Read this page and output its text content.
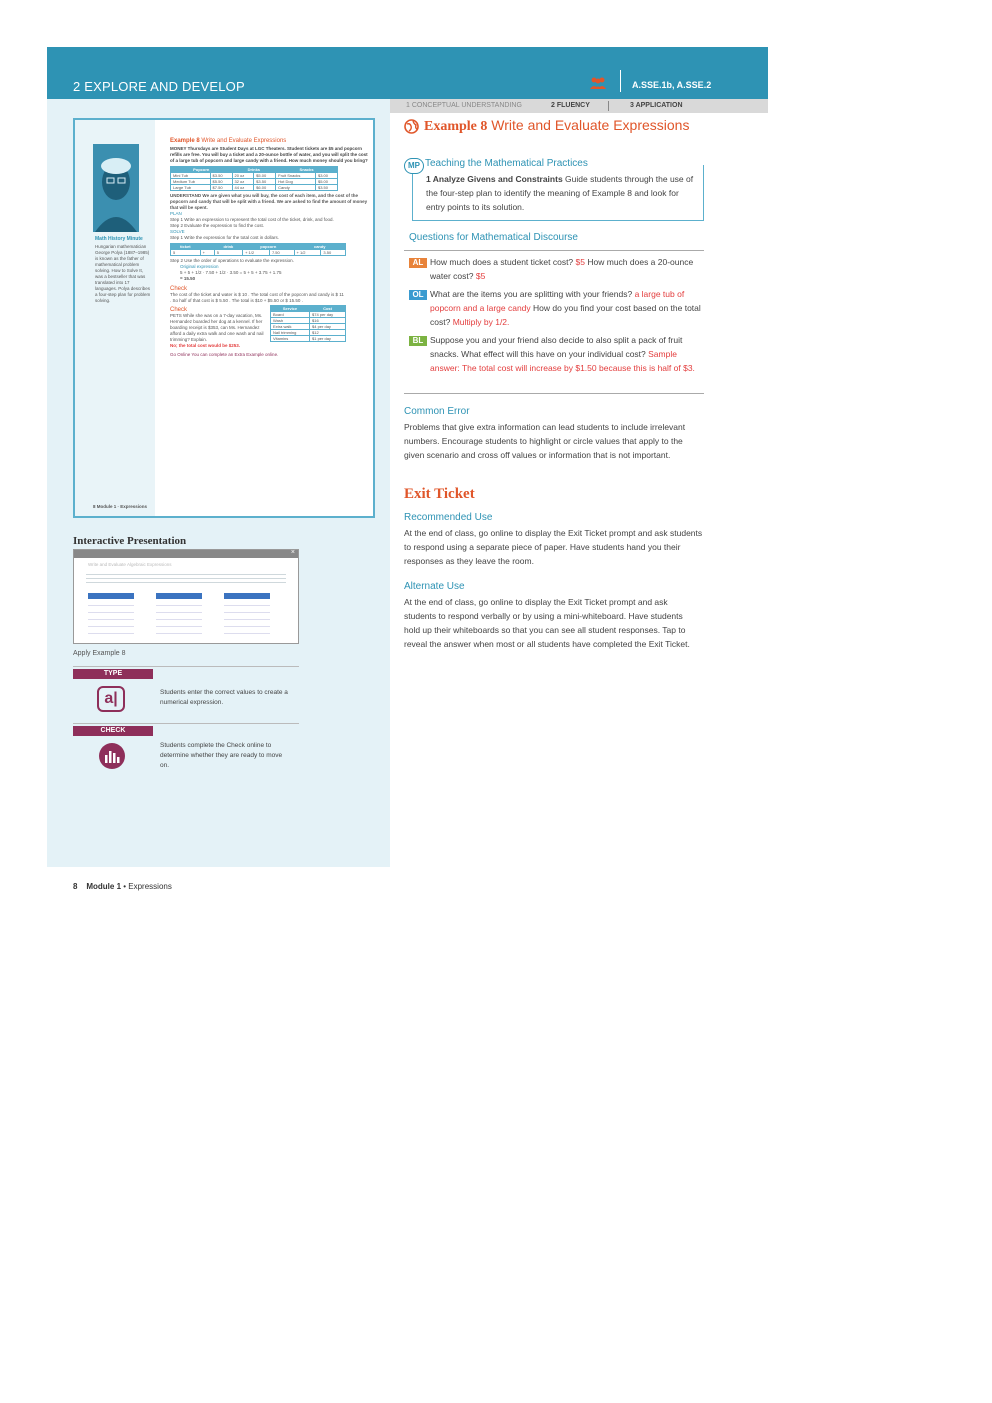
2 EXPLORE AND DEVELOP	A.SSE.1b, A.SSE.2
1 CONCEPTUAL UNDERSTANDING	2 FLUENCY	3 APPLICATION
Math History Minute
Hungarian mathematician George Polya (1887–1985) is known as the father of mathematical problem solving. How to Solve It, was a bestseller that was translated into 17 languages. Polya describes a four-step plan for problem solving.
Example 8 Write and Evaluate Expressions
MONEY Thursdays are Student Days at LGC Theaters. Student tickets are $5 and popcorn refills are free. You will buy a ticket and a 20-ounce bottle of water, and you will split the cost of a large tub of popcorn and large candy with a friend. How much money should you bring?
Popcorn		Drinks		Snacks	
Mini Tub	$3.50	20 oz	$5.00	Fruit Snacks	$3.00
Medium Tub	$5.50	32 oz	$3.50	Hot Dog	$5.00
Large Tub	$7.50	44 oz	$6.00	Candy	$3.50
UNDERSTAND We are given what you will buy, the cost of each item, and the cost of the popcorn and candy that will be split with a friend. We are asked to find the amount of money that will be spent.
PLAN
Step 1 Write an expression to represent the total cost of the ticket, drink, and food.
Step 2 Evaluate the expression to find the cost.
SOLVE
Step 1 Write the expression for the total cost in dollars.
ticket		drink	popcorn		candy	
5	+	5	+ 1/2	7.50	+ 1/2	3.50
Step 2 Use the order of operations to evaluate the expression.
Original expression
5 + 5 + 1/2 · 7.50 + 1/2 · 3.50 = 5 + 5 + 3.75 + 1.75
= 15.50
Check
The cost of the ticket and water is $ 10 . The total cost of the popcorn and candy is $ 11 . So half of that cost is $ 5.50 . The total is $10 + $5.50 or $ 15.50 .
Check
PETS While she was on a 7-day vacation, Ms. Hernandez boarded her dog at a kennel. If her boarding receipt is $353, can Ms. Hernandez afford a daily extra walk and one wash and nail trimming? Explain.
No; the total cost would be $253.
Service	Cost
Board	$74 per day
Wash	$16
Extra walk	$4 per day
Nail trimming	$12
Vitamins	$1 per day
Go Online You can complete an Extra Example online.
8 Module 1 · Expressions
Interactive Presentation
×
Write and Evaluate Algebraic Expressions
Apply Example 8
TYPE
a|	Students enter the correct values to create a numerical expression.
CHECK
Students complete the Check online to determine whether they are ready to move on.
8 Module 1 • Expressions
Example 8 Write and Evaluate Expressions
MP Teaching the Mathematical Practices
1 Analyze Givens and Constraints Guide students through the use of the four-step plan to identify the meaning of Example 8 and look for entry points to its solution.
Questions for Mathematical Discourse
AL How much does a student ticket cost? $5 How much does a 20-ounce water cost? $5
OL What are the items you are splitting with your friends? a large tub of popcorn and a large candy How do you find your cost based on the total cost? Multiply by 1/2.
BL Suppose you and your friend also decide to also split a pack of fruit snacks. What effect will this have on your individual cost? Sample answer: The total cost will increase by $1.50 because this is half of $3.
Common Error
Problems that give extra information can lead students to include irrelevant numbers. Encourage students to highlight or circle values that apply to the given scenario and cross off values or information that is not important.
Exit Ticket
Recommended Use
At the end of class, go online to display the Exit Ticket prompt and ask students to respond using a separate piece of paper. Have students hand you their responses as they leave the room.
Alternate Use
At the end of class, go online to display the Exit Ticket prompt and ask students to respond verbally or by using a mini-whiteboard. Have students hold up their whiteboards so that you can see all student responses. Tap to reveal the answer when most or all students have completed the Exit Ticket.
